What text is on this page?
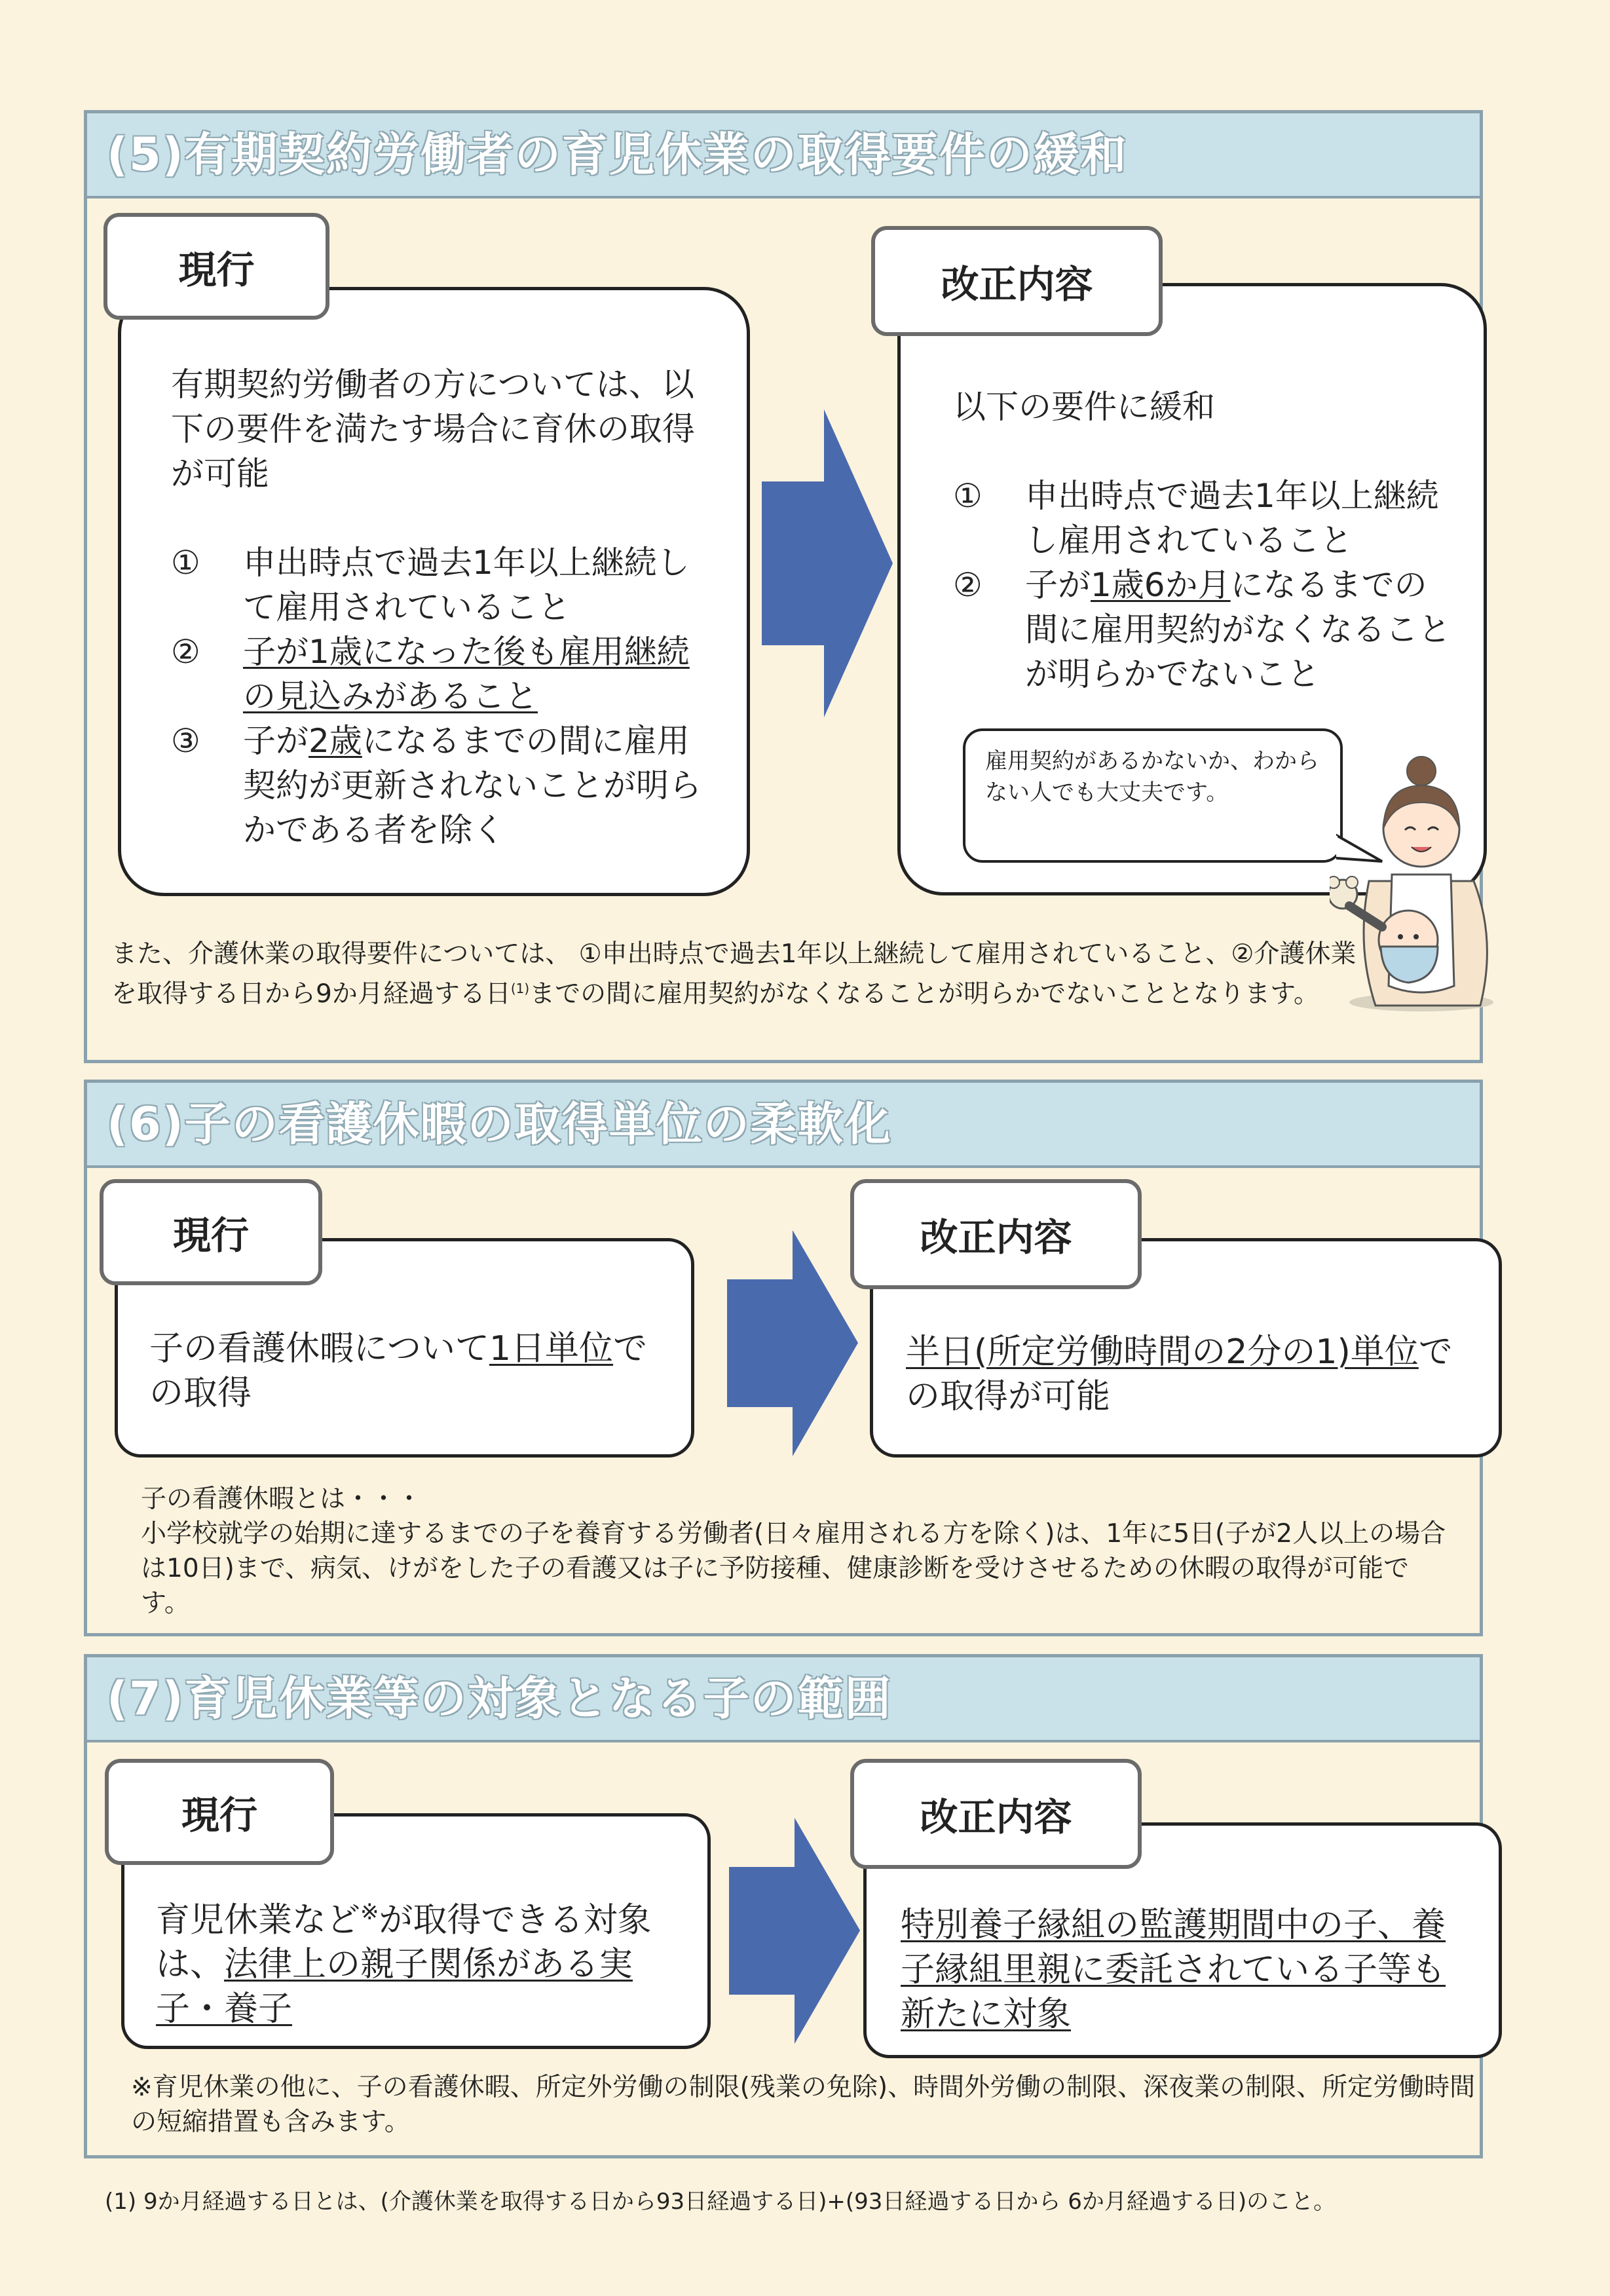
(5)有期契約労働者の育児休業の取得要件の緩和
現行
有期契約労働者の方については、以下の要件を満たす場合に育休の取得が可能
①	申出時点で過去1年以上継続して雇用されていること
②	子が1歳になった後も雇用継続の見込みがあること
③	子が2歳になるまでの間に雇用契約が更新されないことが明らかである者を除く
改正内容
以下の要件に緩和
①	申出時点で過去1年以上継続し雇用されていること
②	子が1歳6か月になるまでの間に雇用契約がなくなることが明らかでないこと
雇用契約があるかないか、わからない人でも大丈夫です。
また、介護休業の取得要件については、 ①申出時点で過去1年以上継続して雇用されていること、②介護休業を取得する日から9か月経過する日$^{(1)}$までの間に雇用契約がなくなることが明らかでないこととなります。
(6)子の看護休暇の取得単位の柔軟化
現行
子の看護休暇について1日単位での取得
改正内容
半日(所定労働時間の2分の1)単位での取得が可能
子の看護休暇とは・・・
小学校就学の始期に達するまでの子を養育する労働者(日々雇用される方を除く)は、1年に5日(子が2人以上の場合は10日)まで、病気、けがをした子の看護又は子に予防接種、健康診断を受けさせるための休暇の取得が可能です。
(7)育児休業等の対象となる子の範囲
現行
育児休業など※が取得できる対象は、法律上の親子関係がある実子・養子
改正内容
特別養子縁組の監護期間中の子、養子縁組里親に委託されている子等も新たに対象
※育児休業の他に、子の看護休暇、所定外労働の制限(残業の免除)、時間外労働の制限、深夜業の制限、所定労働時間の短縮措置も含みます。
(1) 9か月経過する日とは、(介護休業を取得する日から93日経過する日)+(93日経過する日から 6か月経過する日)のこと。
